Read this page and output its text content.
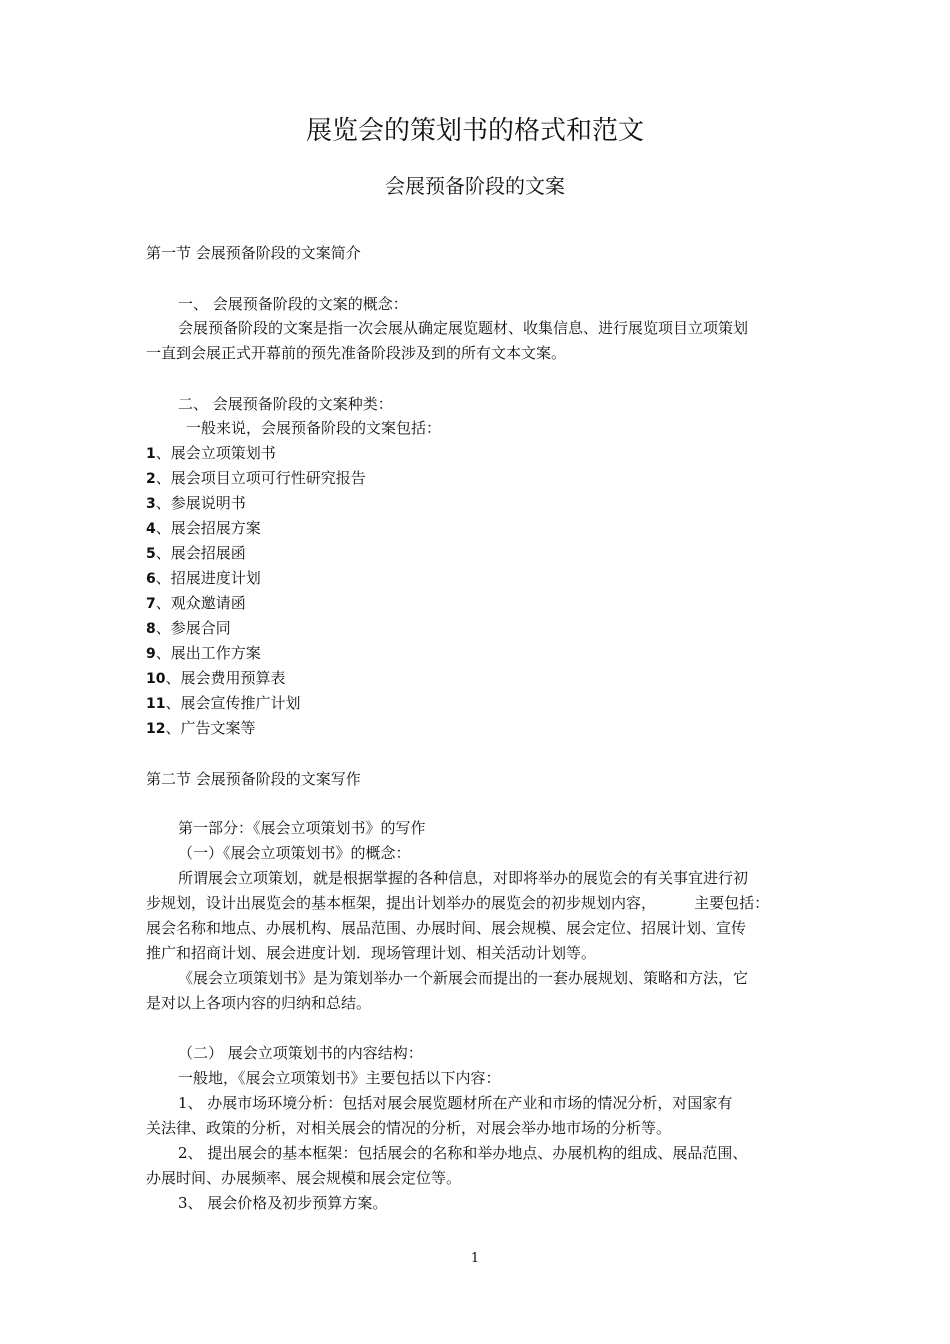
展览会的策划书的格式和范文
会展预备阶段的文案
第一节 会展预备阶段的文案简介
一、 会展预备阶段的文案的概念：
会展预备阶段的文案是指一次会展从确定展览题材、收集信息、进行展览项目立项策划
一直到会展正式开幕前的预先准备阶段涉及到的所有文本文案。
二、 会展预备阶段的文案种类：
一般来说，会展预备阶段的文案包括：
1、展会立项策划书
2、展会项目立项可行性研究报告
3、参展说明书
4、展会招展方案
5、展会招展函
6、招展进度计划
7、观众邀请函
8、参展合同
9、展出工作方案
10、展会费用预算表
11、展会宣传推广计划
12、广告文案等
第二节 会展预备阶段的文案写作
第一部分：《展会立项策划书》的写作
（一）《展会立项策划书》的概念：
所谓展会立项策划，就是根据掌握的各种信息，对即将举办的展览会的有关事宜进行初
步规划，设计出展览会的基本框架，提出计划举办的展览会的初步规划内容，        主要包括：
展会名称和地点、办展机构、展品范围、办展时间、展会规模、展会定位、招展计划、宣传
推广和招商计划、展会进度计划．现场管理计划、相关活动计划等。
《展会立项策划书》是为策划举办一个新展会而提出的一套办展规划、策略和方法，它
是对以上各项内容的归纳和总结。
（二） 展会立项策划书的内容结构：
一般地，《展会立项策划书》主要包括以下内容：
1、 办展市场环境分析：包括对展会展览题材所在产业和市场的情况分析，对国家有
关法律、政策的分析，对相关展会的情况的分析，对展会举办地市场的分析等。
2、 提出展会的基本框架：包括展会的名称和举办地点、办展机构的组成、展品范围、
办展时间、办展频率、展会规模和展会定位等。
3、 展会价格及初步预算方案。
1
